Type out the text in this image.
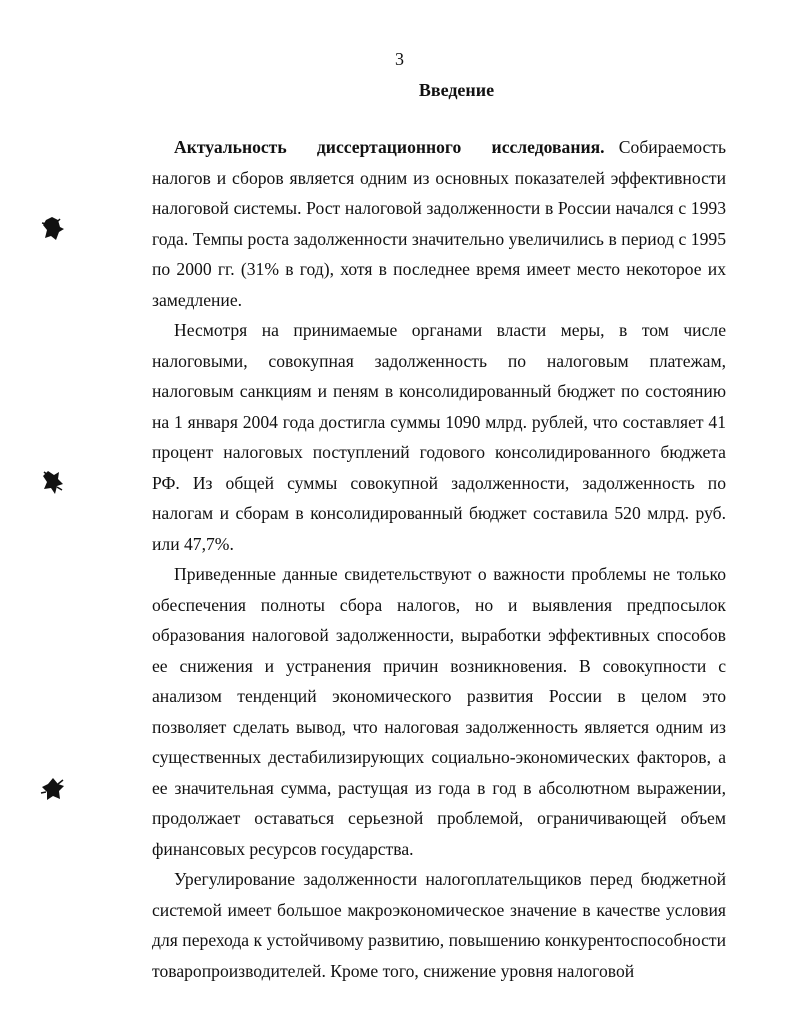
3
Введение

Актуальность диссертационного исследования. Собираемость налогов и сборов является одним из основных показателей эффективности налоговой системы. Рост налоговой задолженности в России начался с 1993 года. Темпы роста задолженности значительно увеличились в период с 1995 по 2000 гг. (31% в год), хотя в последнее время имеет место некоторое их замедление.

Несмотря на принимаемые органами власти меры, в том числе налоговыми, совокупная задолженность по налоговым платежам, налоговым санкциям и пеням в консолидированный бюджет по состоянию на 1 января 2004 года достигла суммы 1090 млрд. рублей, что составляет 41 процент налоговых поступлений годового консолидированного бюджета РФ. Из общей суммы совокупной задолженности, задолженность по налогам и сборам в консолидированный бюджет составила 520 млрд. руб. или 47,7%.

Приведенные данные свидетельствуют о важности проблемы не только обеспечения полноты сбора налогов, но и выявления предпосылок образования налоговой задолженности, выработки эффективных способов ее снижения и устранения причин возникновения. В совокупности с анализом тенденций экономического развития России в целом это позволяет сделать вывод, что налоговая задолженность является одним из существенных дестабилизирующих социально-экономических факторов, а ее значительная сумма, растущая из года в год в абсолютном выражении, продолжает оставаться серьезной проблемой, ограничивающей объем финансовых ресурсов государства.

Урегулирование задолженности налогоплательщиков перед бюджетной системой имеет большое макроэкономическое значение в качестве условия для перехода к устойчивому развитию, повышению конкурентоспособности товаропроизводителей. Кроме того, снижение уровня налоговой
